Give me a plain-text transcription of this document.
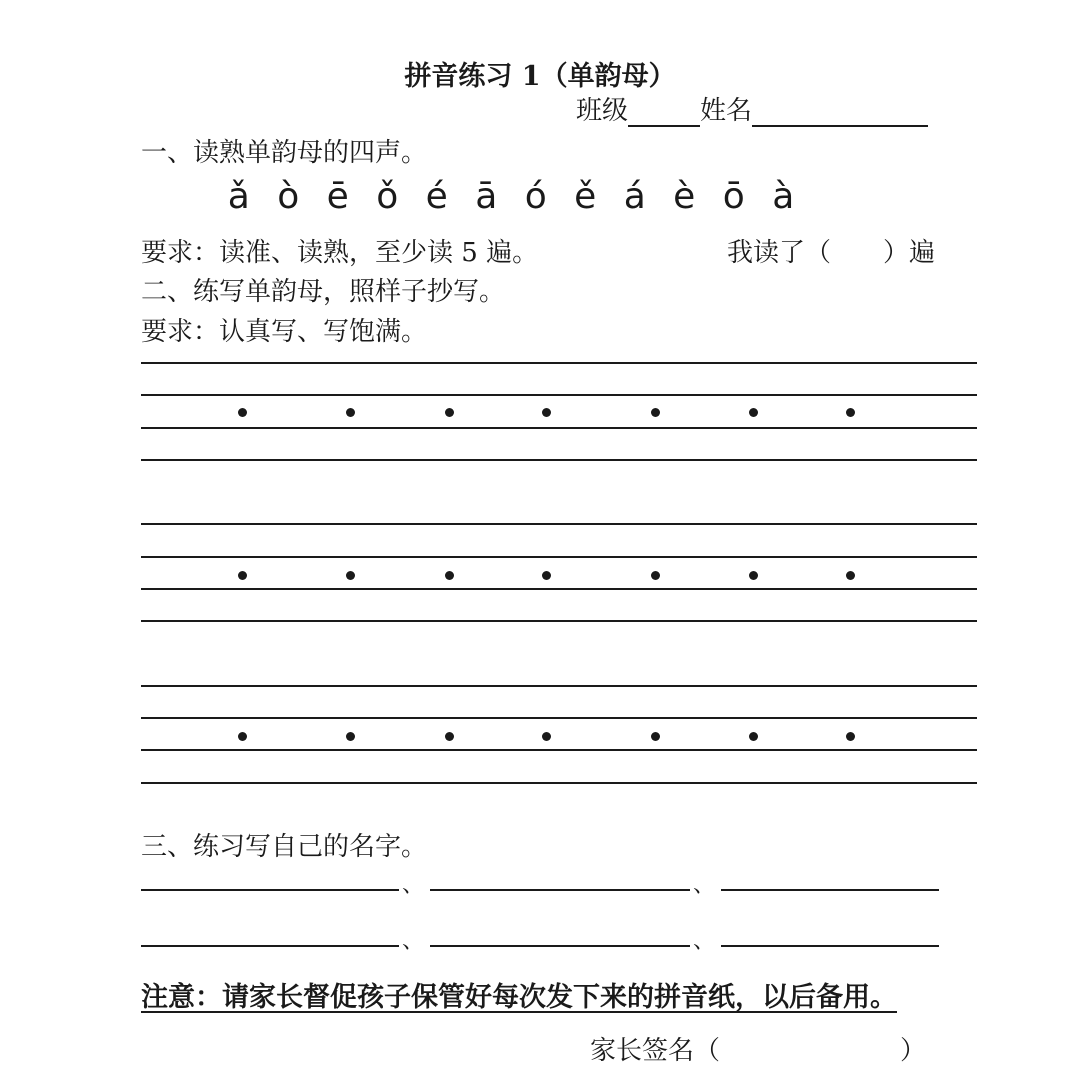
拼音练习 1（单韵母）
班级	姓名
一、读熟单韵母的四声。
ǎ ò ē ǒ é ā ó ě á è ō à
要求：读准、读熟，至少读 5 遍。	我读了（ ）遍
二、练写单韵母，照样子抄写。
要求：认真写、写饱满。
三、练习写自己的名字。
、	、
、	、
注意：请家长督促孩子保管好每次发下来的拼音纸，以后备用。
家长签名（	）
